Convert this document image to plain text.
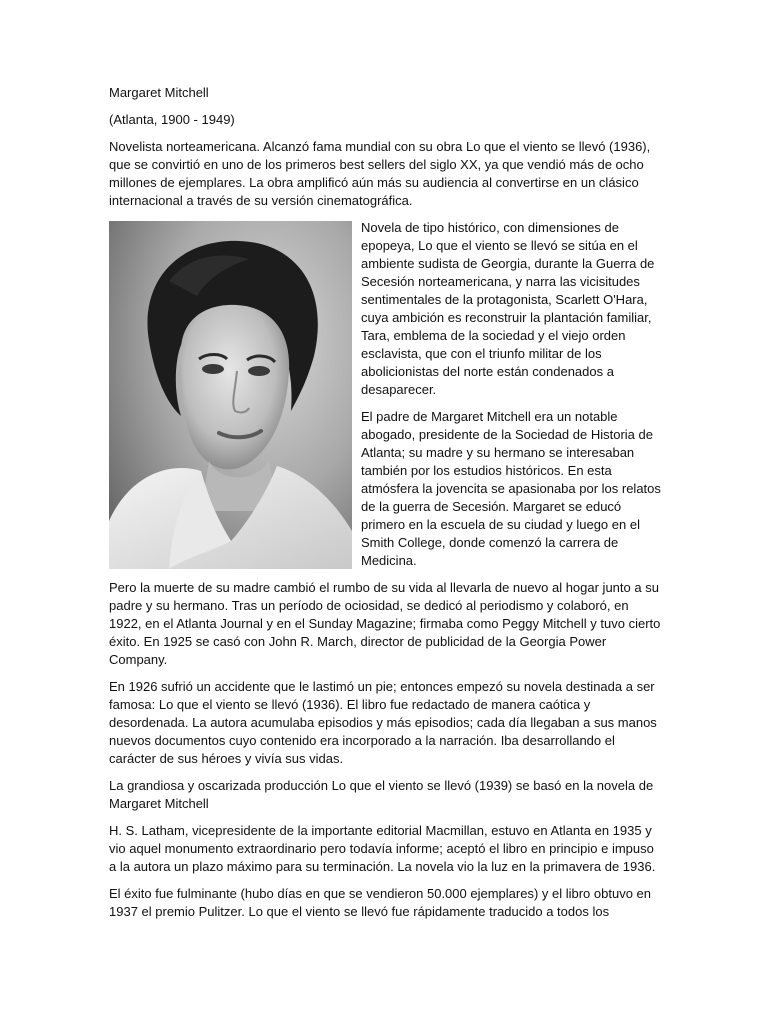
Margaret Mitchell

(Atlanta, 1900 - 1949)

Novelista norteamericana. Alcanzó fama mundial con su obra Lo que el viento se llevó (1936), que se convirtió en uno de los primeros best sellers del siglo XX, ya que vendió más de ocho millones de ejemplares. La obra amplificó aún más su audiencia al convertirse en un clásico internacional a través de su versión cinematográfica.

Novela de tipo histórico, con dimensiones de epopeya, Lo que el viento se llevó se sitúa en el ambiente sudista de Georgia, durante la Guerra de Secesión norteamericana, y narra las vicisitudes sentimentales de la protagonista, Scarlett O'Hara, cuya ambición es reconstruir la plantación familiar, Tara, emblema de la sociedad y el viejo orden esclavista, que con el triunfo militar de los abolicionistas del norte están condenados a desaparecer.

El padre de Margaret Mitchell era un notable abogado, presidente de la Sociedad de Historia de Atlanta; su madre y su hermano se interesaban también por los estudios históricos. En esta atmósfera la jovencita se apasionaba por los relatos de la guerra de Secesión. Margaret se educó primero en la escuela de su ciudad y luego en el Smith College, donde comenzó la carrera de Medicina.

Pero la muerte de su madre cambió el rumbo de su vida al llevarla de nuevo al hogar junto a su padre y su hermano. Tras un período de ociosidad, se dedicó al periodismo y colaboró, en 1922, en el Atlanta Journal y en el Sunday Magazine; firmaba como Peggy Mitchell y tuvo cierto éxito. En 1925 se casó con John R. March, director de publicidad de la Georgia Power Company.

En 1926 sufrió un accidente que le lastimó un pie; entonces empezó su novela destinada a ser famosa: Lo que el viento se llevó (1936). El libro fue redactado de manera caótica y desordenada. La autora acumulaba episodios y más episodios; cada día llegaban a sus manos nuevos documentos cuyo contenido era incorporado a la narración. Iba desarrollando el carácter de sus héroes y vivía sus vidas.

La grandiosa y oscarizada producción Lo que el viento se llevó (1939) se basó en la novela de Margaret Mitchell

H. S. Latham, vicepresidente de la importante editorial Macmillan, estuvo en Atlanta en 1935 y vio aquel monumento extraordinario pero todavía informe; aceptó el libro en principio e impuso a la autora un plazo máximo para su terminación. La novela vio la luz en la primavera de 1936.

El éxito fue fulminante (hubo días en que se vendieron 50.000 ejemplares) y el libro obtuvo en 1937 el premio Pulitzer. Lo que el viento se llevó fue rápidamente traducido a todos los
